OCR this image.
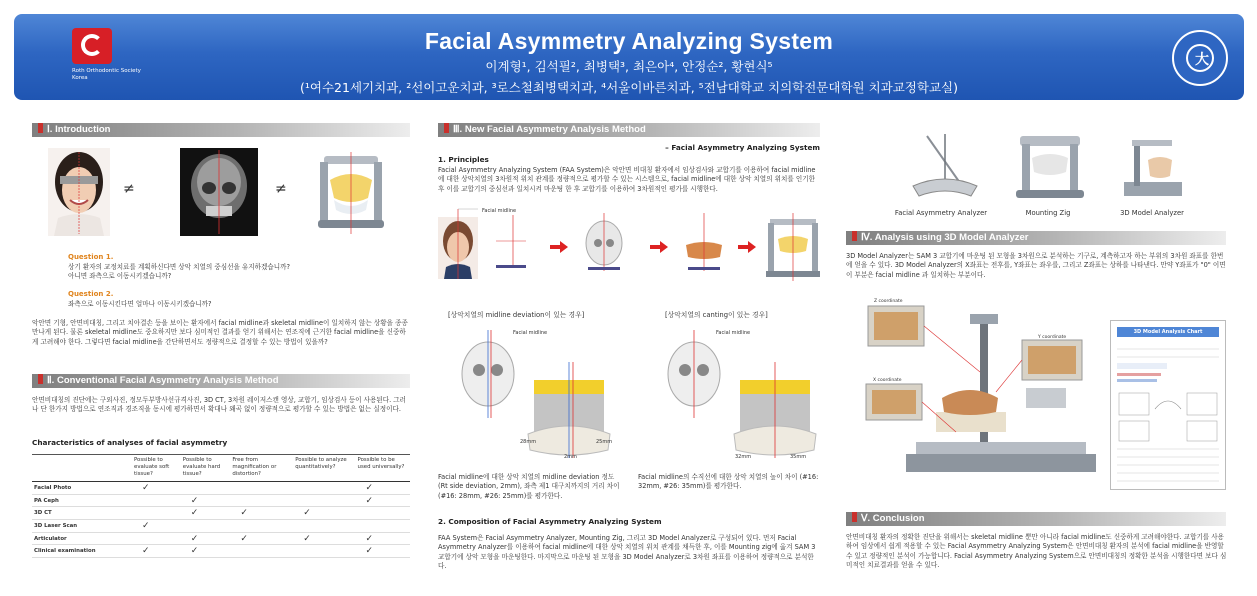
Roth Orthodontic Society Korea
Facial Asymmetry Analyzing System
이계형¹, 김석필², 최병택³, 최은아⁴, 안정순², 황현식⁵
(¹여수21세기치과, ²선이고운치과, ³로스철최병택치과, ⁴서울이바른치과, ⁵전남대학교 치의학전문대학원 치과교정학교실)
大
Ⅰ. Introduction
≠	≠
Question 1.
상기 환자의 교정치료를 계획하신다면 상악 치열의 중심선을 유지하겠습니까?
아니면 좌측으로 이동시키겠습니까?
Question 2.
좌측으로 이동시킨다면 얼마나 이동시키겠습니까?
악안면 기형, 안면비대칭, 그리고 치아결손 등을 보이는 환자에서 facial midline과 skeletal midline이 일치하지 않는 상황을 종종 만나게 된다. 물론 skeletal midline도 중요하지만 보다 심미적인 결과를 얻기 위해서는 연조직에 근거한 facial midline을 신중하게 고려해야 한다. 그렇다면 facial midline을 간단하면서도 정량적으로 결정할 수 있는 방법이 있을까?
Ⅱ. Conventional Facial Asymmetry Analysis Method
안면비대칭의 진단에는 구외사진, 정모두부방사선규격사진, 3D CT, 3차원 레이저스캔 영상, 교합기, 임상검사 등이 사용된다. 그러나 단 한가지 방법으로 연조직과 경조직을 동시에 평가하면서 확대나 왜곡 없이 정량적으로 평가할 수 있는 방법은 없는 실정이다.
Characteristics of analyses of facial asymmetry
	Possible to evaluate soft tissue?	Possible to evaluate hard tissue?	Free from magnification or distortion?	Possible to analyze quantitatively?	Possible to be used universally?
Facial Photo	✓				✓
PA Ceph		✓			✓
3D CT		✓	✓	✓	
3D Laser Scan	✓				
Articulator		✓	✓	✓	✓
Clinical examination	✓	✓			✓
Ⅲ. New Facial Asymmetry Analysis Method
– Facial Asymmetry Analyzing System
1. Principles
Facial Asymmetry Analyzing System (FAA System)은 악안면 비대칭 환자에서 임상검사와 교합기를 이용하여 facial midline에 대한 상악치열의 3차원적 위치 관계를 정량적으로 평가할 수 있는 시스템으로, facial midline에 대한 상악 치열의 위치를 인기한 후 이를 교합기의 중심선과 일치시켜 마운팅 한 후 교합기를 이용하여 3차원적인 평가를 시행한다.
Facial midline
[상악치열의 midline deviation이 있는 경우]	[상악치열의 canting이 있는 경우]
Facial midline
28mm	25mm
2mm
Facial midline
32mm	35mm
Facial midline에 대한 상악 치열의 midline deviation 정도 (Rt side deviation, 2mm), 좌측 제1 대구치까지의 거리 차이(#16: 28mm, #26: 25mm)를 평가한다.
Facial midline의 수직선에 대한 상악 치열의 높이 차이 (#16: 32mm, #26: 35mm)를 평가한다.
2. Composition of Facial Asymmetry Analyzing System
FAA System은 Facial Asymmetry Analyzer, Mounting Zig, 그리고 3D Model Analyzer로 구성되어 있다. 먼저 Facial Asymmetry Analyzer를 이용하여 facial midline에 대한 상악 치열의 위치 관계를 채득한 후, 이를 Mounting zig에 옮겨 SAM 3 교합기에 상악 모형을 마운팅한다. 마지막으로 마운팅 된 모형을 3D Model Analyzer로 3차원 좌표를 이용하여 정량적으로 분석한다.
Facial Asymmetry Analyzer	Mounting Zig	3D Model Analyzer
Ⅳ. Analysis using 3D Model Analyzer
3D Model Analyzer는 SAM 3 교합기에 마운팅 된 모형을 3차원으로 분석하는 기구로, 계측하고자 하는 부위의 3차원 좌표를 한번에 얻을 수 있다. 3D Model Analyzer의 X좌표는 전후를, Y좌표는 좌우를, 그리고 Z좌표는 상하를 나타낸다. 만약 Y좌표가 "0" 이면 이 부분은 facial midline 과 일치하는 부분이다.
Z coordinate
X coordinate
Y coordinate
3D Model Analysis Chart
Ⅴ. Conclusion
안면비대칭 환자의 정확한 진단을 위해서는 skeletal midline 뿐만 아니라 facial midline도 신중하게 고려해야한다. 교합기를 사용하여 임상에서 쉽게 적용할 수 있는 Facial Asymmetry Analyzing System은 안면비대칭 환자의 분석에 facial midline을 반영할 수 있고 정량적인 분석이 가능합니다. Facial Asymmetry Analyzing System으로 안면비대칭의 정확한 분석을 시행한다면 보다 심미적인 치료결과를 얻을 수 있다.
